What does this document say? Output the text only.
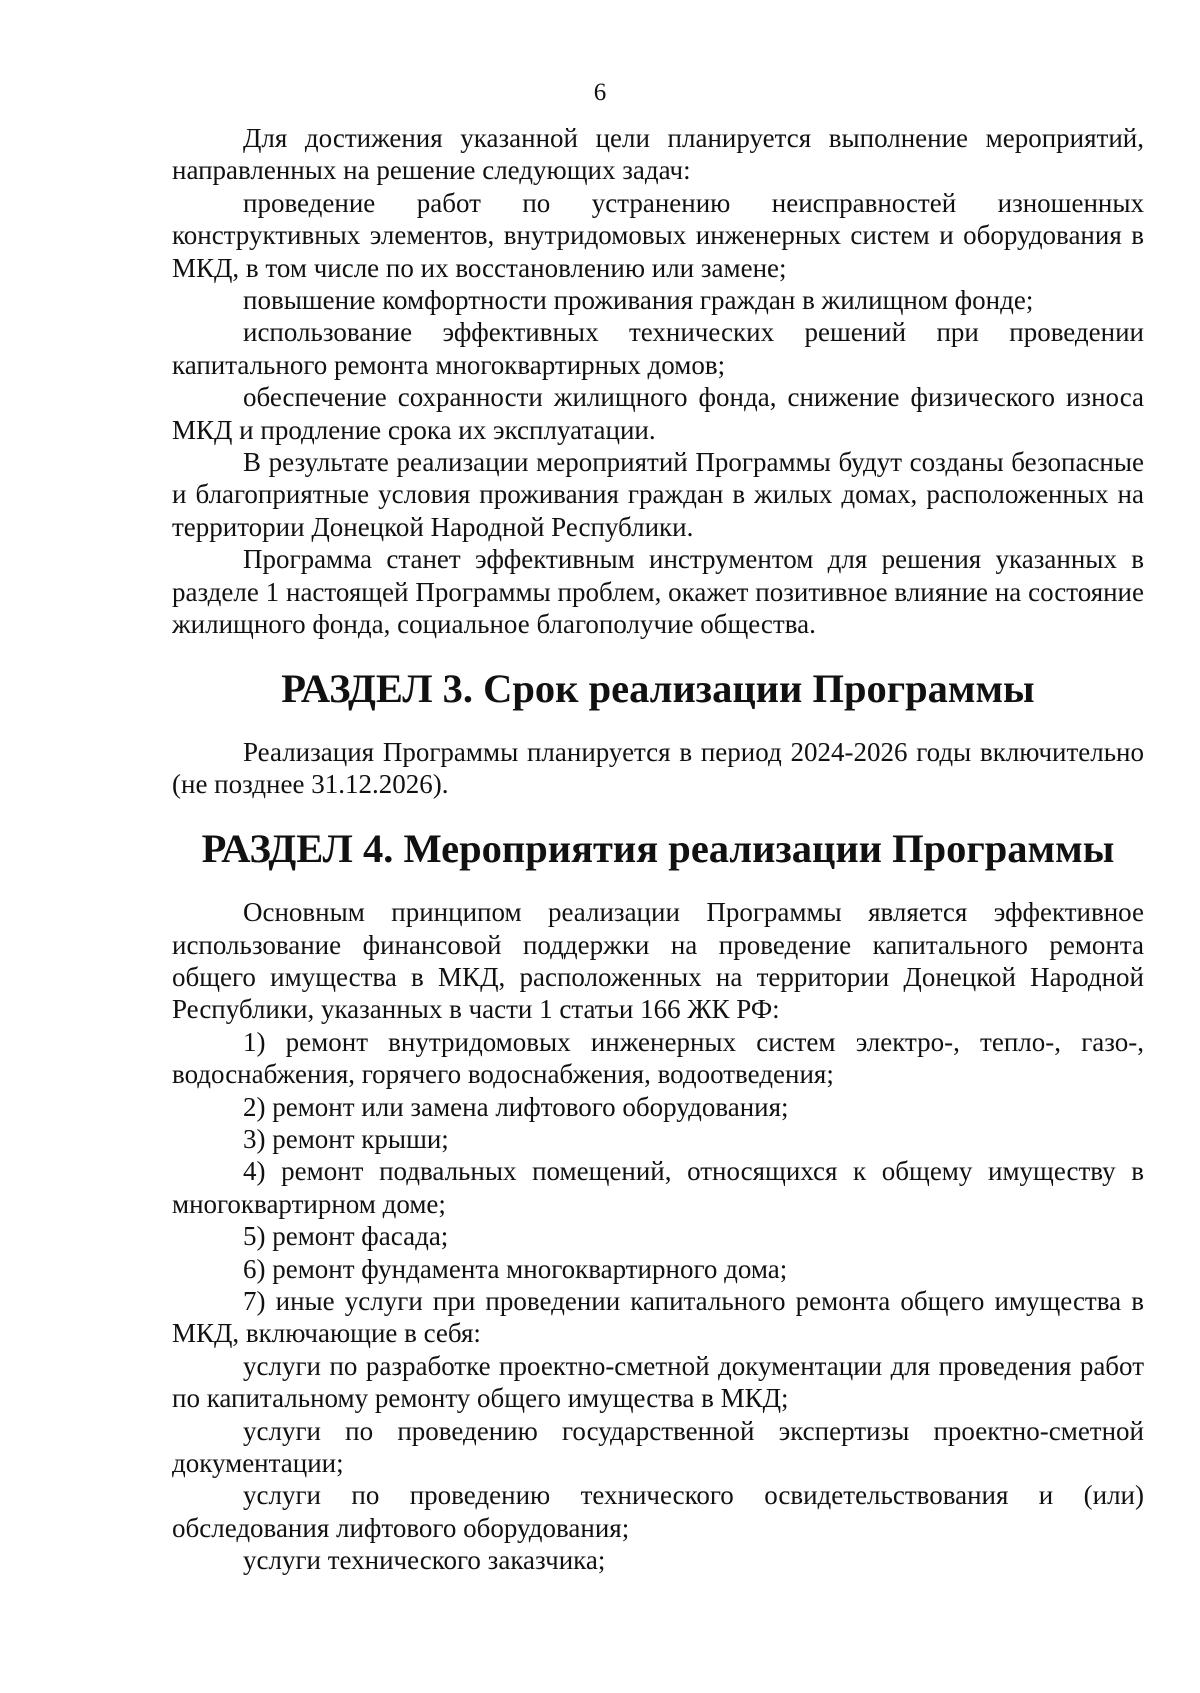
6

Для достижения указанной цели планируется выполнение мероприятий, направленных на решение следующих задач:

проведение работ по устранению неисправностей изношенных конструктивных элементов, внутридомовых инженерных систем и оборудования в МКД, в том числе по их восстановлению или замене;

повышение комфортности проживания граждан в жилищном фонде;

использование эффективных технических решений при проведении капитального ремонта многоквартирных домов;

обеспечение сохранности жилищного фонда, снижение физического износа МКД и продление срока их эксплуатации.

В результате реализации мероприятий Программы будут созданы безопасные и благоприятные условия проживания граждан в жилых домах, расположенных на территории Донецкой Народной Республики.

Программа станет эффективным инструментом для решения указанных в разделе 1 настоящей Программы проблем, окажет позитивное влияние на состояние жилищного фонда, социальное благополучие общества.

РАЗДЕЛ 3. Срок реализации Программы

Реализация Программы планируется в период 2024-2026 годы включительно (не позднее 31.12.2026).

РАЗДЕЛ 4. Мероприятия реализации Программы

Основным принципом реализации Программы является эффективное использование финансовой поддержки на проведение капитального ремонта общего имущества в МКД, расположенных на территории Донецкой Народной Республики, указанных в части 1 статьи 166 ЖК РФ:

1) ремонт внутридомовых инженерных систем электро-, тепло-, газо-, водоснабжения, горячего водоснабжения, водоотведения;

2) ремонт или замена лифтового оборудования;

3) ремонт крыши;

4) ремонт подвальных помещений, относящихся к общему имуществу в многоквартирном доме;

5) ремонт фасада;

6) ремонт фундамента многоквартирного дома;

7) иные услуги при проведении капитального ремонта общего имущества в МКД, включающие в себя:

услуги по разработке проектно-сметной документации для проведения работ по капитальному ремонту общего имущества в МКД;

услуги по проведению государственной экспертизы проектно-сметной документации;

услуги по проведению технического освидетельствования и (или) обследования лифтового оборудования;

услуги технического заказчика;
